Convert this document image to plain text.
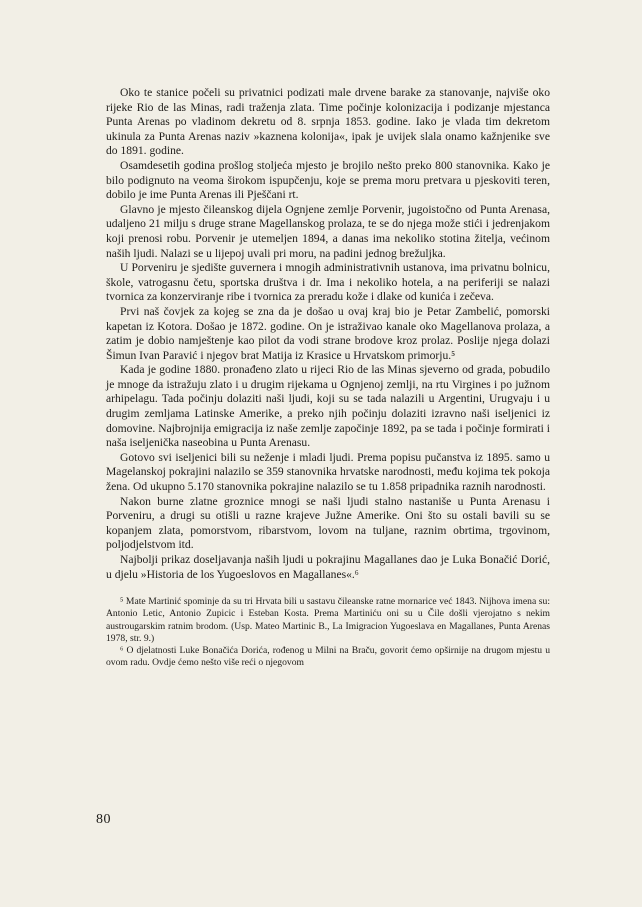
Oko te stanice počeli su privatnici podizati male drvene barake za stanovanje, najviše oko rijeke Rio de las Minas, radi traženja zlata. Time počinje kolonizacija i podizanje mjestanca Punta Arenas po vladinom dekretu od 8. srpnja 1853. godine. Iako je vlada tim dekretom ukinula za Punta Arenas naziv »kaznena kolonija«, ipak je uvijek slala onamo kažnjenike sve do 1891. godine.

Osamdesetih godina prošlog stoljeća mjesto je brojilo nešto preko 800 stanovnika. Kako je bilo podignuto na veoma širokom ispupčenju, koje se prema moru pretvara u pjeskoviti teren, dobilo je ime Punta Arenas ili Pješčani rt.

Glavno je mjesto čileanskog dijela Ognjene zemlje Porvenir, jugoistočno od Punta Arenasa, udaljeno 21 milju s druge strane Magellanskog prolaza, te se do njega može stići i jedrenjakom koji prenosi robu. Porvenir je utemeljen 1894, a danas ima nekoliko stotina žitelja, većinom naših ljudi. Nalazi se u lijepoj uvali pri moru, na padini jednog brežuljka.

U Porveniru je sjedište guvernera i mnogih administrativnih ustanova, ima privatnu bolnicu, škole, vatrogasnu četu, sportska društva i dr. Ima i nekoliko hotela, a na periferiji se nalazi tvornica za konzerviranje ribe i tvornica za preradu kože i dlake od kunića i zečeva.

Prvi naš čovjek za kojeg se zna da je došao u ovaj kraj bio je Petar Zambelić, pomorski kapetan iz Kotora. Došao je 1872. godine. On je istraživao kanale oko Magellanova prolaza, a zatim je dobio namještenje kao pilot da vodi strane brodove kroz prolaz. Poslije njega dolazi Šimun Ivan Paravić i njegov brat Matija iz Krasice u Hrvatskom primorju.⁵

Kada je godine 1880. pronađeno zlato u rijeci Rio de las Minas sjeverno od grada, pobudilo je mnoge da istražuju zlato i u drugim rijekama u Ognjenoj zemlji, na rtu Virgines i po južnom arhipelagu. Tada počinju dolaziti naši ljudi, koji su se tada nalazili u Argentini, Urugvaju i u drugim zemljama Latinske Amerike, a preko njih počinju dolaziti izravno naši iseljenici iz domovine. Najbrojnija emigracija iz naše zemlje započinje 1892, pa se tada i počinje formirati i naša iseljenička naseobina u Punta Arenasu.

Gotovo svi iseljenici bili su neženje i mladi ljudi. Prema popisu pučanstva iz 1895. samo u Magelanskoj pokrajini nalazilo se 359 stanovnika hrvatske narodnosti, među kojima tek pokoja žena. Od ukupno 5.170 stanovnika pokrajine nalazilo se tu 1.858 pripadnika raznih narodnosti.

Nakon burne zlatne groznice mnogi se naši ljudi stalno nastaniše u Punta Arenasu i Porveniru, a drugi su otišli u razne krajeve Južne Amerike. Oni što su ostali bavili su se kopanjem zlata, pomorstvom, ribarstvom, lovom na tuljane, raznim obrtima, trgovinom, poljodjelstvom itd.

Najbolji prikaz doseljavanja naših ljudi u pokrajinu Magallanes dao je Luka Bonačić Dorić, u djelu »Historia de los Yugoeslovos en Magallanes«.⁶

⁵ Mate Martinić spominje da su tri Hrvata bili u sastavu čileanske ratne mornarice već 1843. Nijhova imena su: Antonio Letic, Antonio Zupicic i Esteban Kosta. Prema Martiniću oni su u Čile došli vjerojatno s nekim austrougarskim ratnim brodom. (Usp. Mateo Martinic B., La Imigracion Yugoeslava en Magallanes, Punta Arenas 1978, str. 9.)

⁶ O djelatnosti Luke Bonačića Dorića, rođenog u Milni na Braču, govorit ćemo opširnije na drugom mjestu u ovom radu. Ovdje ćemo nešto više reći o njegovom

80
